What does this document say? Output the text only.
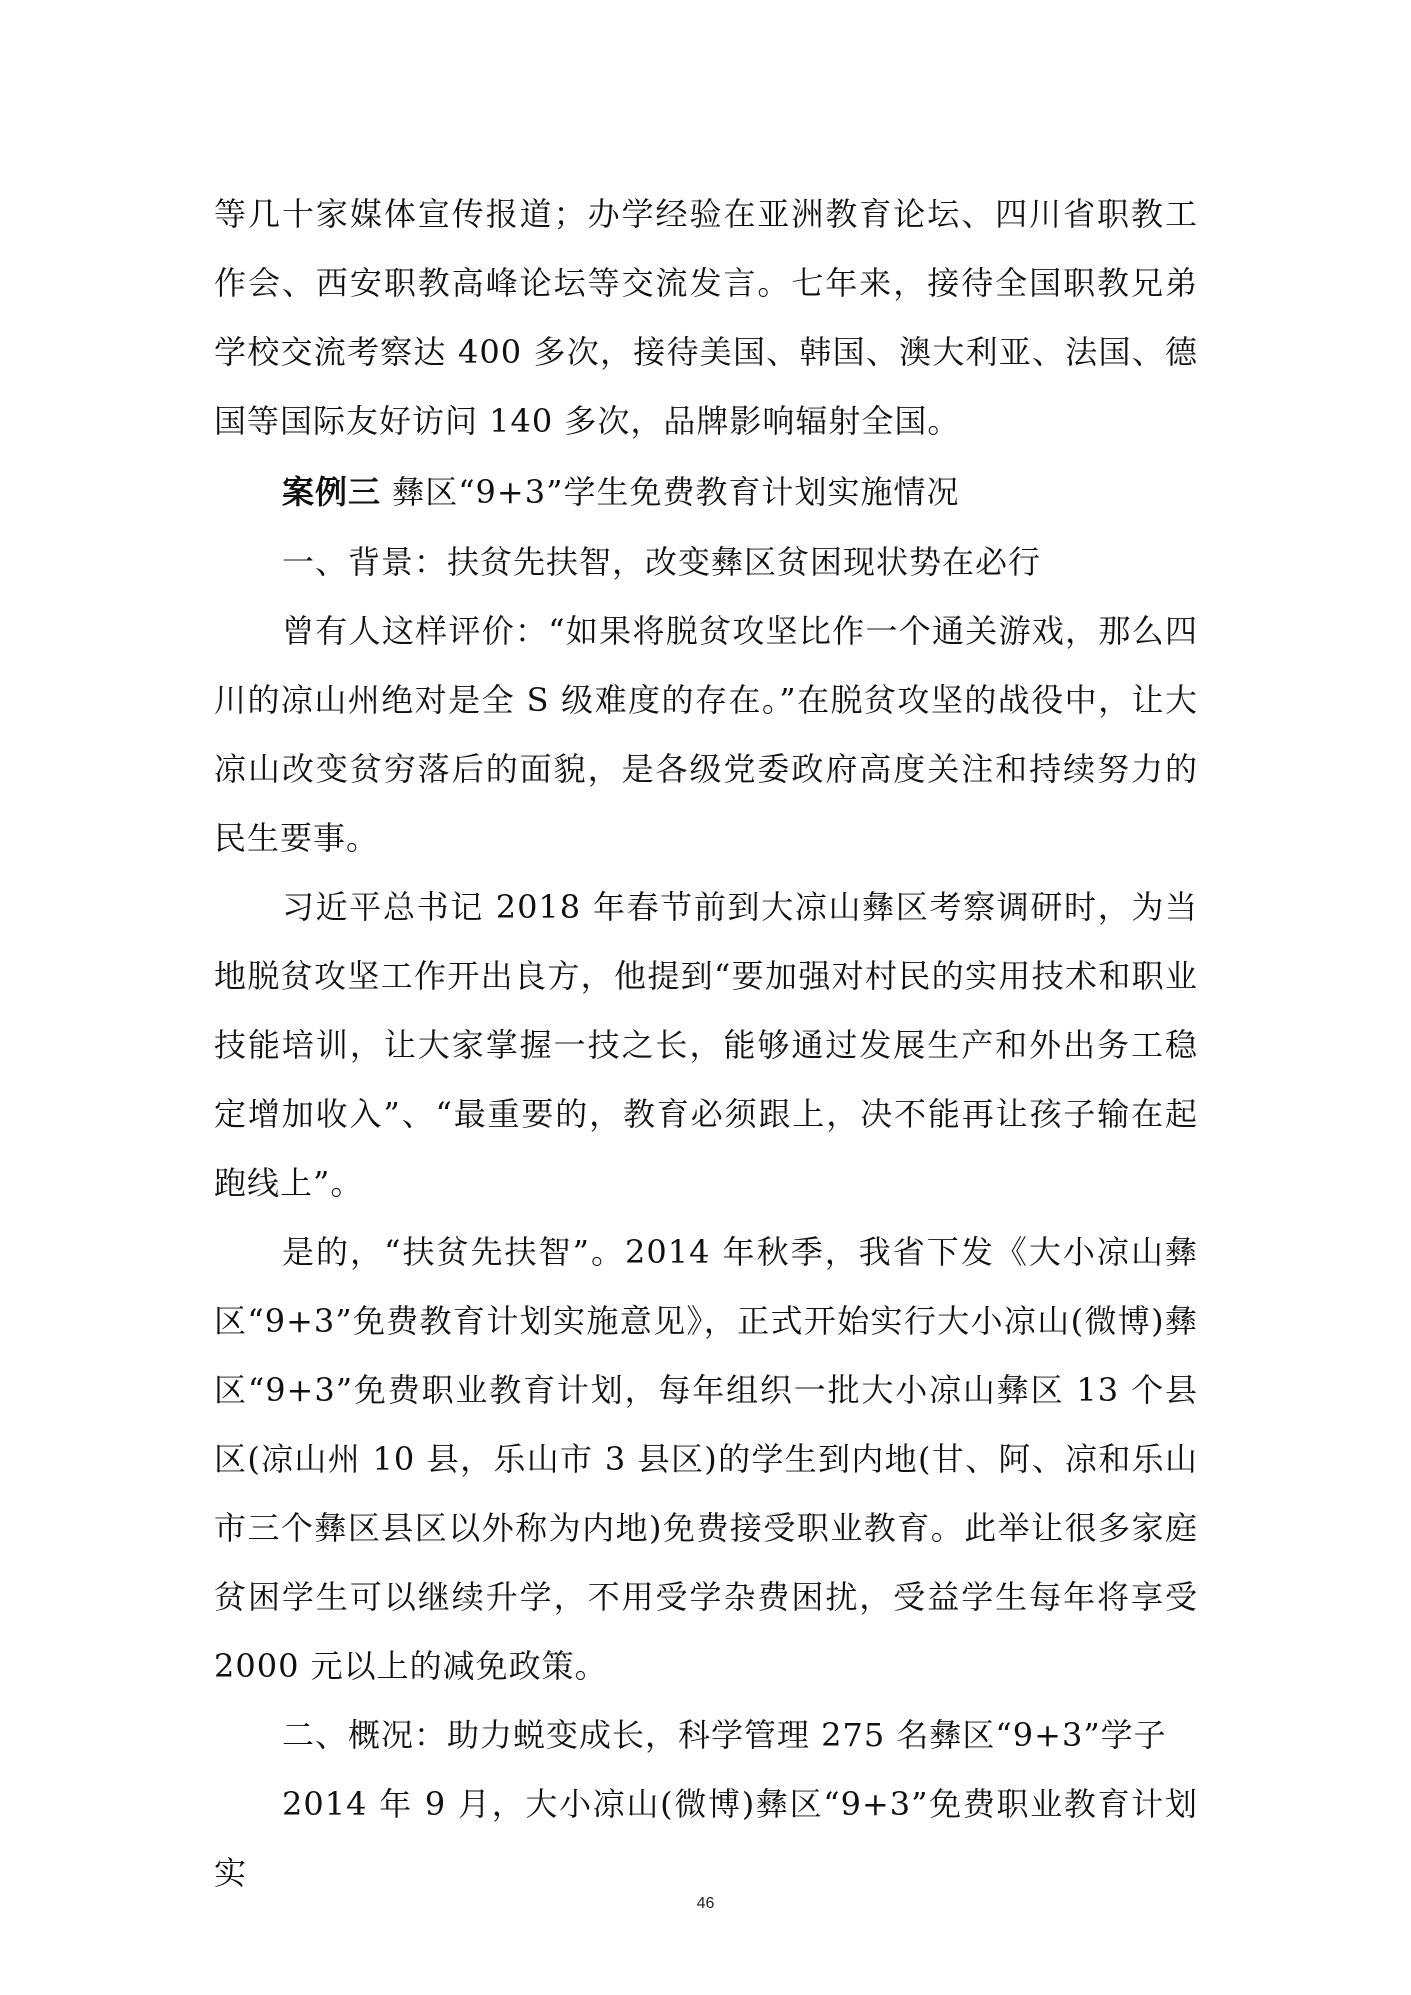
等几十家媒体宣传报道；办学经验在亚洲教育论坛、四川省职教工作会、西安职教高峰论坛等交流发言。七年来，接待全国职教兄弟学校交流考察达 400 多次，接待美国、韩国、澳大利亚、法国、德国等国际友好访问 140 多次，品牌影响辐射全国。

案例三 彝区“9+3”学生免费教育计划实施情况

一、背景：扶贫先扶智，改变彝区贫困现状势在必行

曾有人这样评价：“如果将脱贫攻坚比作一个通关游戏，那么四川的凉山州绝对是全 S 级难度的存在。”在脱贫攻坚的战役中，让大凉山改变贫穷落后的面貌，是各级党委政府高度关注和持续努力的民生要事。

习近平总书记 2018 年春节前到大凉山彝区考察调研时，为当地脱贫攻坚工作开出良方，他提到“要加强对村民的实用技术和职业技能培训，让大家掌握一技之长，能够通过发展生产和外出务工稳定增加收入”、“最重要的，教育必须跟上，决不能再让孩子输在起跑线上”。

是的，“扶贫先扶智”。2014 年秋季，我省下发《大小凉山彝区“9+3”免费教育计划实施意见》，正式开始实行大小凉山(微博)彝区“9+3”免费职业教育计划，每年组织一批大小凉山彝区 13 个县区(凉山州 10 县，乐山市 3 县区)的学生到内地(甘、阿、凉和乐山市三个彝区县区以外称为内地)免费接受职业教育。此举让很多家庭贫困学生可以继续升学，不用受学杂费困扰，受益学生每年将享受 2000 元以上的减免政策。

二、概况：助力蜕变成长，科学管理 275 名彝区“9+3”学子

2014 年 9 月，大小凉山(微博)彝区“9+3”免费职业教育计划实

46
